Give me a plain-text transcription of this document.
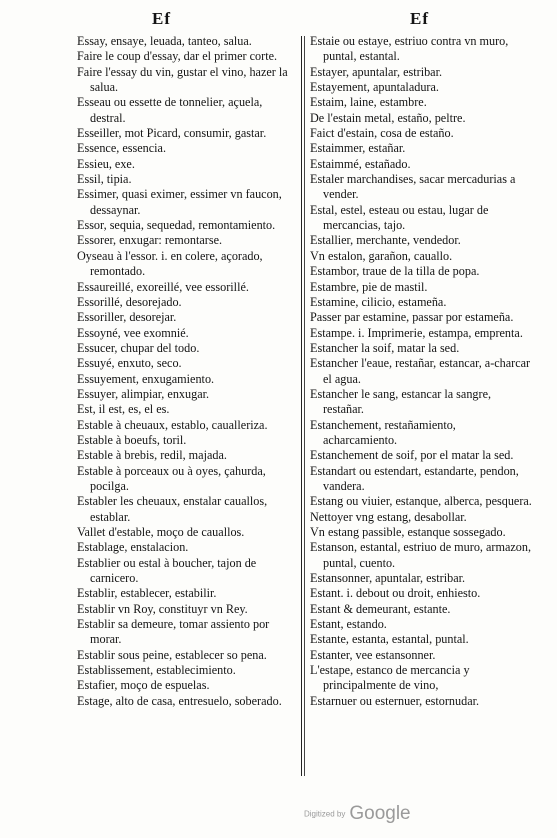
Ef	Ef
Essay, ensaye, leuada, tanteo, salua.
Faire le coup d'essay, dar el primer corte.
Faire l'essay du vin, gustar el vino, hazer la salua.
Esseau ou essette de tonnelier, açuela, destral.
Esseiller, mot Picard, consumir, gastar.
Essence, essencia.
Essieu, exe.
Essil, tipia.
Essimer, quasi eximer, essimer vn faucon, dessaynar.
Essor, sequia, sequedad, remontamiento.
Essorer, enxugar: remontarse.
Oyseau à l'essor. i. en colere, açorado, remontado.
Essaureillé, exoreillé, vee essorillé.
Essorillé, desorejado.
Essoriller, desorejar.
Essoyné, vee exomnié.
Essucer, chupar del todo.
Essuyé, enxuto, seco.
Essuyement, enxugamiento.
Essuyer, alimpiar, enxugar.
Est, il est, es, el es.
Estable à cheuaux, establo, caualleriza.
Estable à boeufs, toril.
Estable à brebis, redil, majada.
Estable à porceaux ou à oyes, çahurda, pocilga.
Establer les cheuaux, enstalar cauallos, establar.
Vallet d'estable, moço de cauallos.
Establage, enstalacion.
Establier ou estal à boucher, tajon de carnicero.
Establir, establecer, estabilir.
Establir vn Roy, constituyr vn Rey.
Establir sa demeure, tomar assiento por morar.
Establir sous peine, establecer so pena.
Establissement, establecimiento.
Estafier, moço de espuelas.
Estage, alto de casa, entresuelo, soberado.
Estaie ou estaye, estriuo contra vn muro, puntal, estantal.
Estayer, apuntalar, estribar.
Estayement, apuntaladura.
Estaim, laine, estambre.
De l'estain metal, estaño, peltre.
Faict d'estain, cosa de estaño.
Estaimmer, estañar.
Estaimmé, estañado.
Estaler marchandises, sacar mercadurias a vender.
Estal, estel, esteau ou estau, lugar de mercancias, tajo.
Estallier, merchante, vendedor.
Vn estalon, garañon, cauallo.
Estambor, traue de la tilla de popa.
Estambre, pie de mastil.
Estamine, cilicio, estameña.
Passer par estamine, passar por estameña.
Estampe. i. Imprimerie, estampa, emprenta.
Estancher la soif, matar la sed.
Estancher l'eaue, restañar, estancar, a-charcar el agua.
Estancher le sang, estancar la sangre, restañar.
Estanchement, restañamiento, acharcamiento.
Estanchement de soif, por el matar la sed.
Estandart ou estendart, estandarte, pendon, vandera.
Estang ou viuier, estanque, alberca, pesquera.
Nettoyer vng estang, desabollar.
Vn estang passible, estanque sossegado.
Estanson, estantal, estriuo de muro, armazon, puntal, cuento.
Estansonner, apuntalar, estribar.
Estant. i. debout ou droit, enhiesto.
Estant & demeurant, estante.
Estant, estando.
Estante, estanta, estantal, puntal.
Estanter, vee estansonner.
L'estape, estanco de mercancia y principalmente de vino,
Estarnuer ou esternuer, estornudar.
Digitized by Google
